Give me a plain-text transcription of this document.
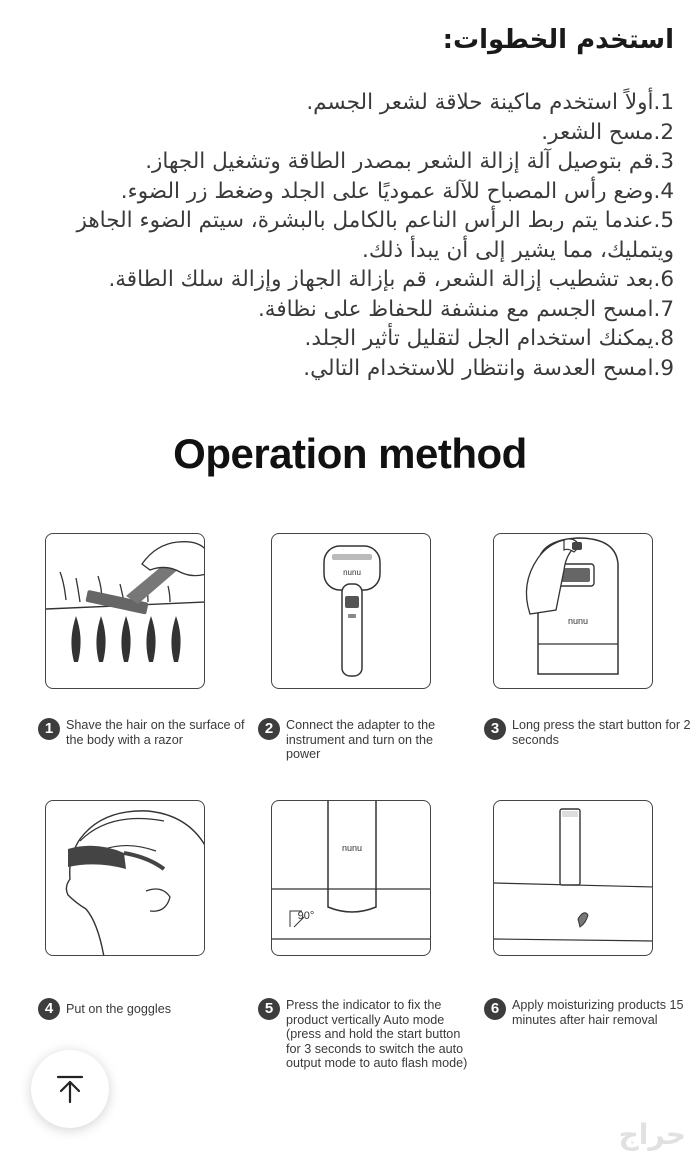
استخدم الخطوات:

1.أولاً استخدم ماكينة حلاقة لشعر الجسم.

2.مسح الشعر.

3.قم بتوصيل آلة إزالة الشعر بمصدر الطاقة وتشغيل الجهاز.

4.وضع رأس المصباح للآلة عموديًا على الجلد وضغط زر الضوء.

5.عندما يتم ربط الرأس الناعم بالكامل بالبشرة، سيتم الضوء الجاهز ويتمليك، مما يشير إلى أن يبدأ ذلك.

6.بعد تشطيب إزالة الشعر، قم بإزالة الجهاز وإزالة سلك الطاقة.

7.امسح الجسم مع منشفة للحفاظ على نظافة.

8.يمكنك استخدام الجل لتقليل تأثير الجلد.

9.امسح العدسة وانتظار للاستخدام التالي.

Operation method
nunu
nunu
1	Shave the hair on the surface of the body with a razor
2	Connect the adapter to the instrument and turn on the power
3	Long press the start button for 2 seconds
nunu
90°
4	Put on the goggles	5	Press the indicator to fix the product vertically Auto mode (press and hold the start button for 3 seconds to switch the auto output mode to auto flash mode)
6	Apply moisturizing products 15 minutes after hair removal
حراج
